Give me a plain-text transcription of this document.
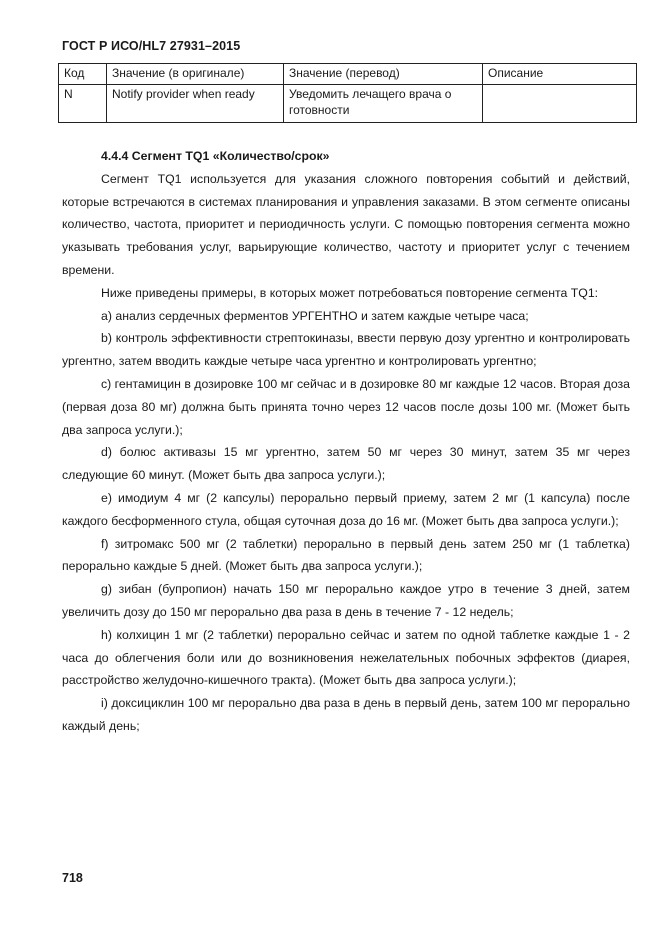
ГОСТ Р ИСО/HL7 27931–2015
Код	Значение (в оригинале)	Значение (перевод)	Описание
N	Notify provider when ready	Уведомить лечащего врача о готовности	
4.4.4 Сегмент TQ1 «Количество/срок»

Сегмент TQ1 используется для указания сложного повторения событий и действий, которые встречаются в системах планирования и управления заказами. В этом сегменте описаны количество, частота, приоритет и периодичность услуги. С помощью повторения сегмента можно указывать требования услуг, варьирующие количество, частоту и приоритет услуг с течением времени.

Ниже приведены примеры, в которых может потребоваться повторение сегмента TQ1:

a) анализ сердечных ферментов УРГЕНТНО и затем каждые четыре часа;

b) контроль эффективности стрептокиназы, ввести первую дозу ургентно и контролировать ургентно, затем вводить каждые четыре часа ургентно и контролировать ургентно;

c) гентамицин в дозировке 100 мг сейчас и в дозировке 80 мг каждые 12 часов. Вторая доза (первая доза 80 мг) должна быть принята точно через 12 часов после дозы 100 мг. (Может быть два запроса услуги.);

d) болюс активазы 15 мг ургентно, затем 50 мг через 30 минут, затем 35 мг через следующие 60 минут. (Может быть два запроса услуги.);

e) имодиум 4 мг (2 капсулы) перорально первый приему, затем 2 мг (1 капсула) после каждого бесформенного стула, общая суточная доза до 16 мг. (Может быть два запроса услуги.);

f) зитромакс 500 мг (2 таблетки) перорально в первый день затем 250 мг (1 таблетка) перорально каждые 5 дней. (Может быть два запроса услуги.);

g) зибан (бупропион) начать 150 мг перорально каждое утро в течение 3 дней, затем увеличить дозу до 150 мг перорально два раза в день в течение 7 - 12 недель;

h) колхицин 1 мг (2 таблетки) перорально сейчас и затем по одной таблетке каждые 1 - 2 часа до облегчения боли или до возникновения нежелательных побочных эффектов (диарея, расстройство желудочно-кишечного тракта). (Может быть два запроса услуги.);

i) доксициклин 100 мг перорально два раза в день в первый день, затем 100 мг перорально каждый день;

718
